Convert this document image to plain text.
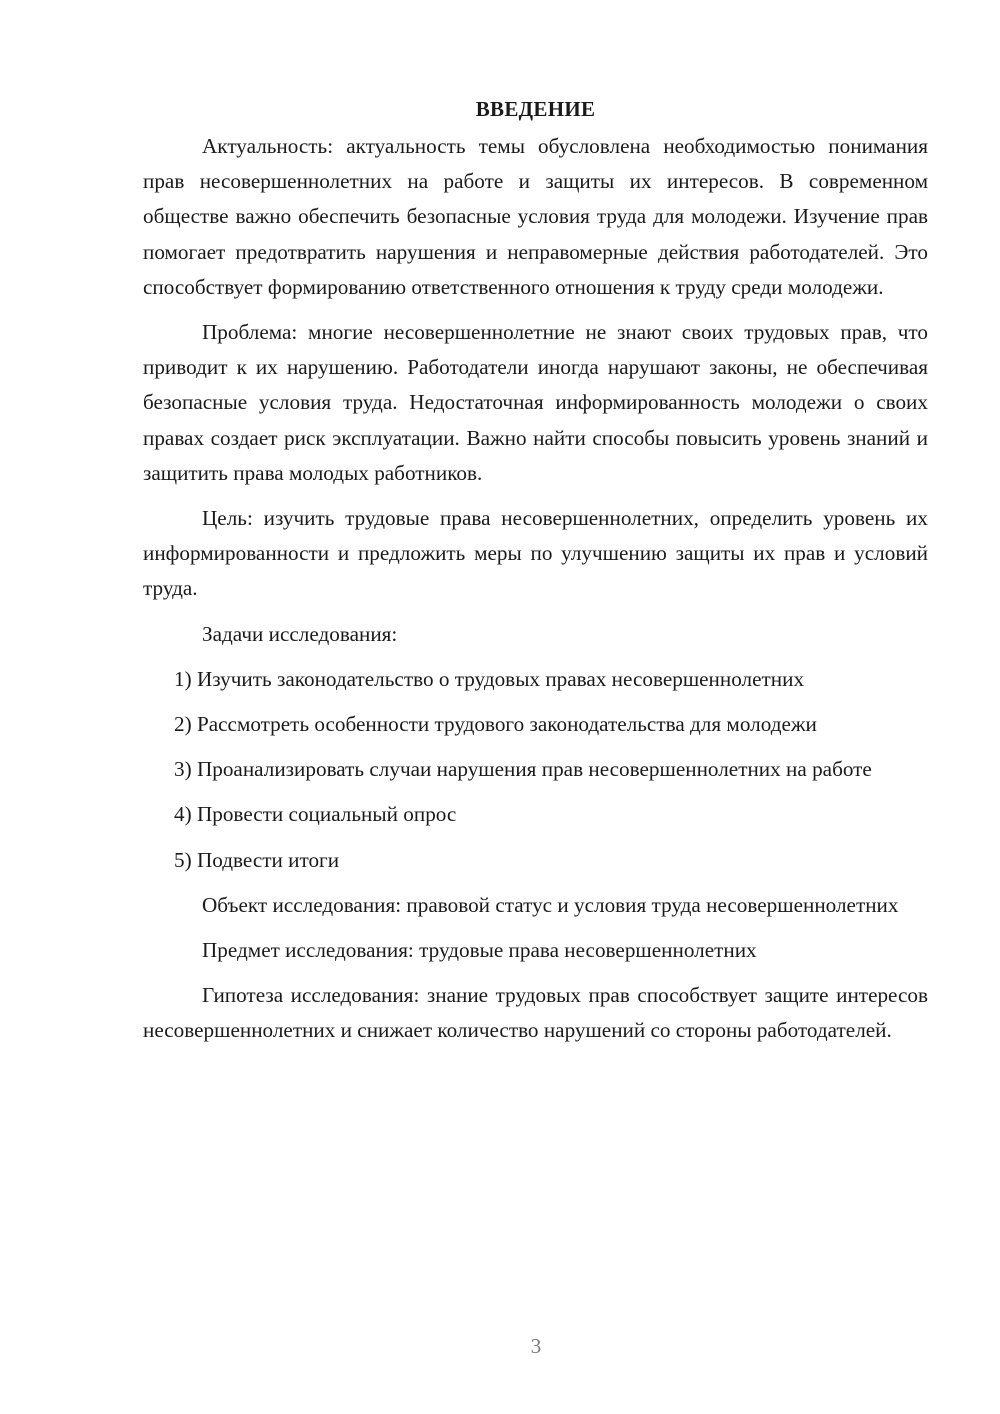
ВВЕДЕНИЕ

Актуальность: актуальность темы обусловлена необходимостью понимания прав несовершеннолетних на работе и защиты их интересов. В современном обществе важно обеспечить безопасные условия труда для молодежи. Изучение прав помогает предотвратить нарушения и неправомерные действия работодателей. Это способствует формированию ответственного отношения к труду среди молодежи.

Проблема: многие несовершеннолетние не знают своих трудовых прав, что приводит к их нарушению. Работодатели иногда нарушают законы, не обеспечивая безопасные условия труда. Недостаточная информированность молодежи о своих правах создает риск эксплуатации. Важно найти способы повысить уровень знаний и защитить права молодых работников.

Цель: изучить трудовые права несовершеннолетних, определить уровень их информированности и предложить меры по улучшению защиты их прав и условий труда.

Задачи исследования:

1) Изучить законодательство о трудовых правах несовершеннолетних

2) Рассмотреть особенности трудового законодательства для молодежи

3) Проанализировать случаи нарушения прав несовершеннолетних на работе

4) Провести социальный опрос

5) Подвести итоги

Объект исследования: правовой статус и условия труда несовершеннолетних

Предмет исследования: трудовые права несовершеннолетних

Гипотеза исследования: знание трудовых прав способствует защите интересов несовершеннолетних и снижает количество нарушений со стороны работодателей.

3
